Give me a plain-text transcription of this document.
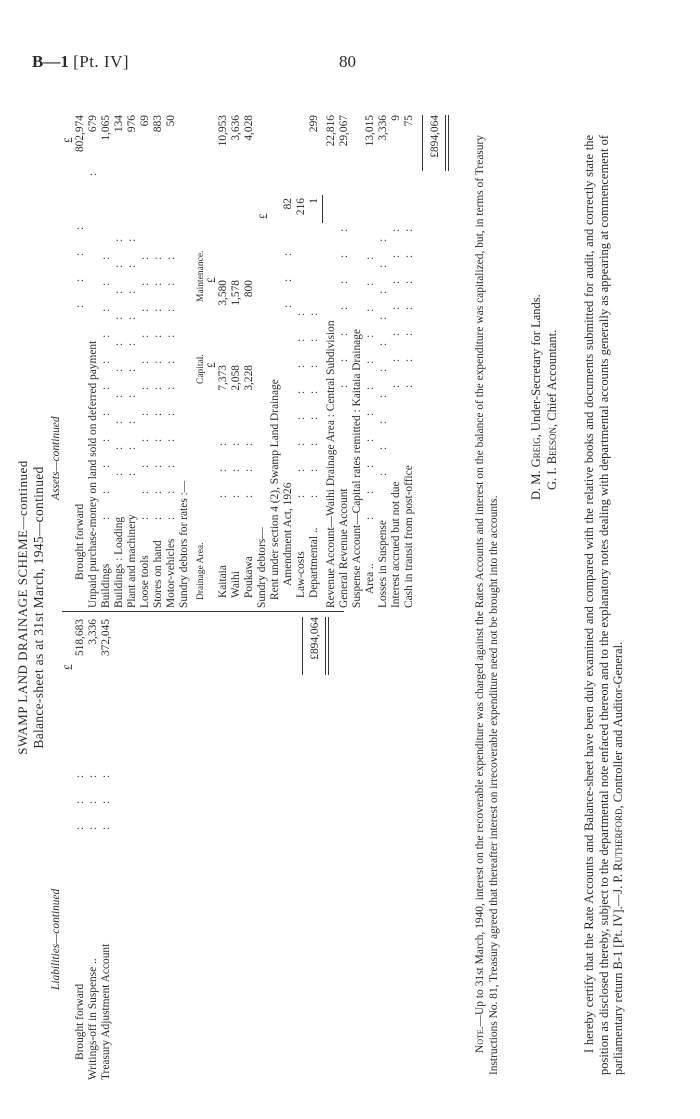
B—1 [Pt. IV]	80
SWAMP LAND DRAINAGE SCHEME—continued Balance-sheet as at 31st March, 1945—continued
Liabilities—continued
Assets—continued
£
Brought forward
: : :
518,683
Writings-off in Suspense ..
: : :
3,336
Treasury Adjustment Account
: : :
372,045	£894,064
£
Brought forward
: : : :
802,974
Unpaid purchase-money on land sold on deferred payment
:
679
Buildings
: : : : : : : : : : :
1,065
Buildings : Loading
: : : : : : : : : :
134
Plant and machinery
: : : : : : : : : :
976
Loose tools
: : : : : : : : : : :
69
Stores on hand
: : : : : : : : : : :
883
Motor-vehicles
: : : : : : : : : : :
50
Sundry debtors for rates :— Drainage Area.
Capital.
Maintenance.
£
£
Kaitaia
: : :
7,373
3,580
10,953
Waihi
: : :
2,058
1,578
3,636
Poukawa
: : :
3,228
800
4,028
Sundry debtors— Rent under section 4 (2), Swamp Land Drainage
£
Amendment Act, 1926
: : :
82
Law-costs
: : : : : : : :
216
Departmental ..
: : : : : : : :
1
299
Revenue Account—Waihi Drainage Area : Central Subdivision
22,816
General Revenue Account
: : : : : : :
29,067
Suspense Account—Capital rates remitted : Kaitaia Drainage Area ..
: : : : : : : : : : :
13,015
Losses in Suspense
: : : : : : : : : :
3,336
Interest accrued but not due
: : : : : : :
9
Cash in transit from post-office
: : : : : : :
75 £894,064
Note.—Up to 31st March, 1940, interest on the recoverable expenditure was charged against the Rates Accounts and interest on the balance of the expenditure was capitalized, but, in terms of Treasury Instructions No. 81, Treasury agreed that thereafter interest on irrecoverable expenditure need not be brought into the accounts.
D. M. Greig, Under-Secretary for Lands.
G. I. Beeson, Chief Accountant. I hereby certify that the Rate Accounts and Balance-sheet have been duly examined and compared with the relative books and documents submitted for audit, and correctly state the position as disclosed thereby, subject to the departmental note enfaced thereon and to the explanatory notes dealing with departmental accounts generally as appearing at commencement of parliamentary return B-1 [Pt. IV].—J. P. Rutherford, Controller and Auditor-General.
